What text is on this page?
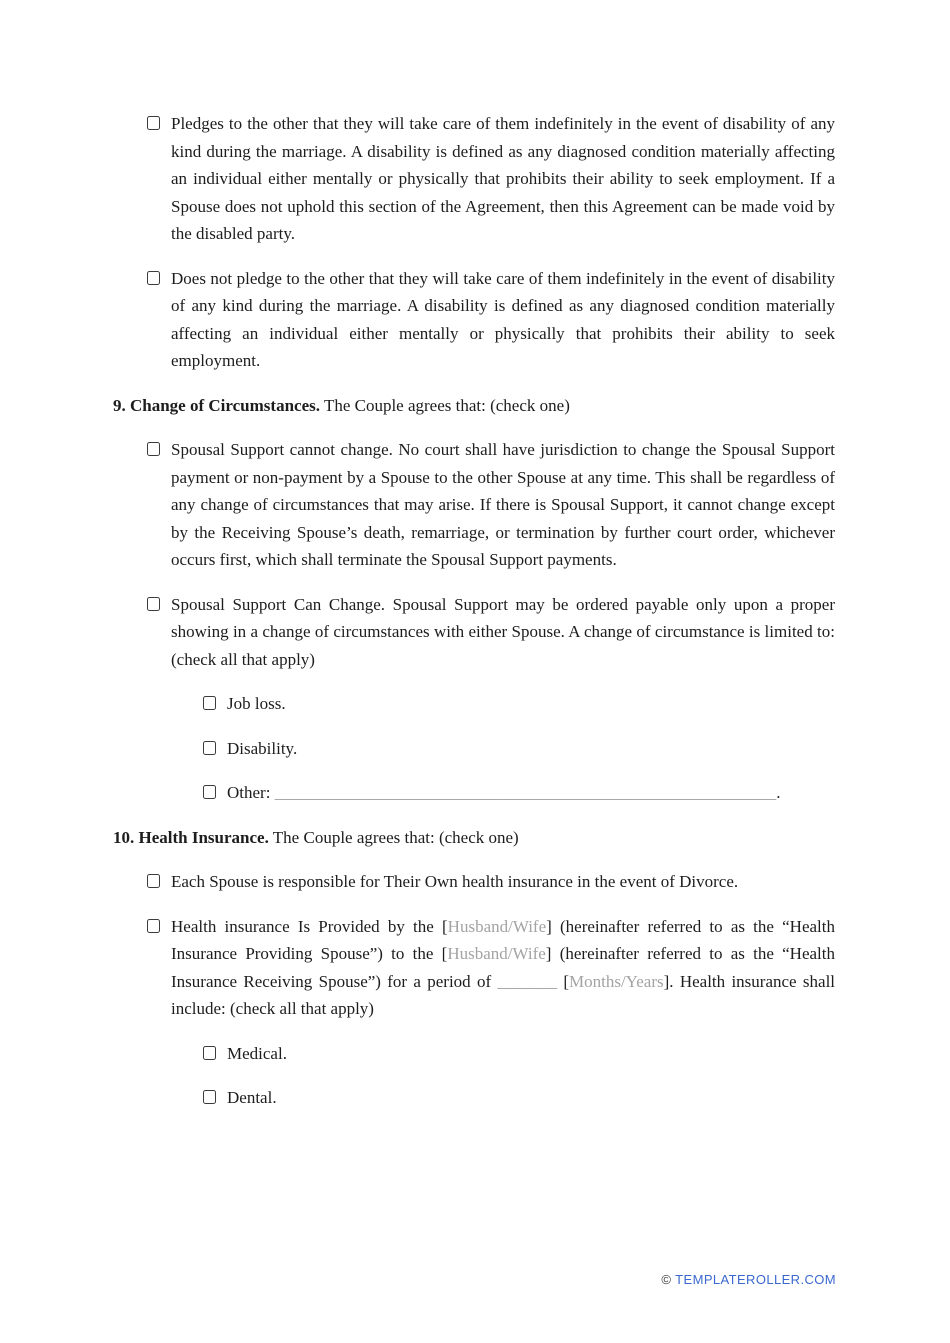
Pledges to the other that they will take care of them indefinitely in the event of disability of any kind during the marriage. A disability is defined as any diagnosed condition materially affecting an individual either mentally or physically that prohibits their ability to seek employment. If a Spouse does not uphold this section of the Agreement, then this Agreement can be made void by the disabled party.
Does not pledge to the other that they will take care of them indefinitely in the event of disability of any kind during the marriage. A disability is defined as any diagnosed condition materially affecting an individual either mentally or physically that prohibits their ability to seek employment.
9. Change of Circumstances. The Couple agrees that: (check one)
Spousal Support cannot change. No court shall have jurisdiction to change the Spousal Support payment or non-payment by a Spouse to the other Spouse at any time. This shall be regardless of any change of circumstances that may arise. If there is Spousal Support, it cannot change except by the Receiving Spouse’s death, remarriage, or termination by further court order, whichever occurs first, which shall terminate the Spousal Support payments.
Spousal Support Can Change. Spousal Support may be ordered payable only upon a proper showing in a change of circumstances with either Spouse. A change of circumstance is limited to: (check all that apply)
Job loss.
Disability.
Other: ___________________________________________________________.
10. Health Insurance. The Couple agrees that: (check one)
Each Spouse is responsible for Their Own health insurance in the event of Divorce.
Health insurance Is Provided by the [Husband/Wife] (hereinafter referred to as the “Health Insurance Providing Spouse”) to the [Husband/Wife] (hereinafter referred to as the “Health Insurance Receiving Spouse”) for a period of _______ [Months/Years]. Health insurance shall include: (check all that apply)
Medical.
Dental.
© TEMPLATEROLLER.COM
